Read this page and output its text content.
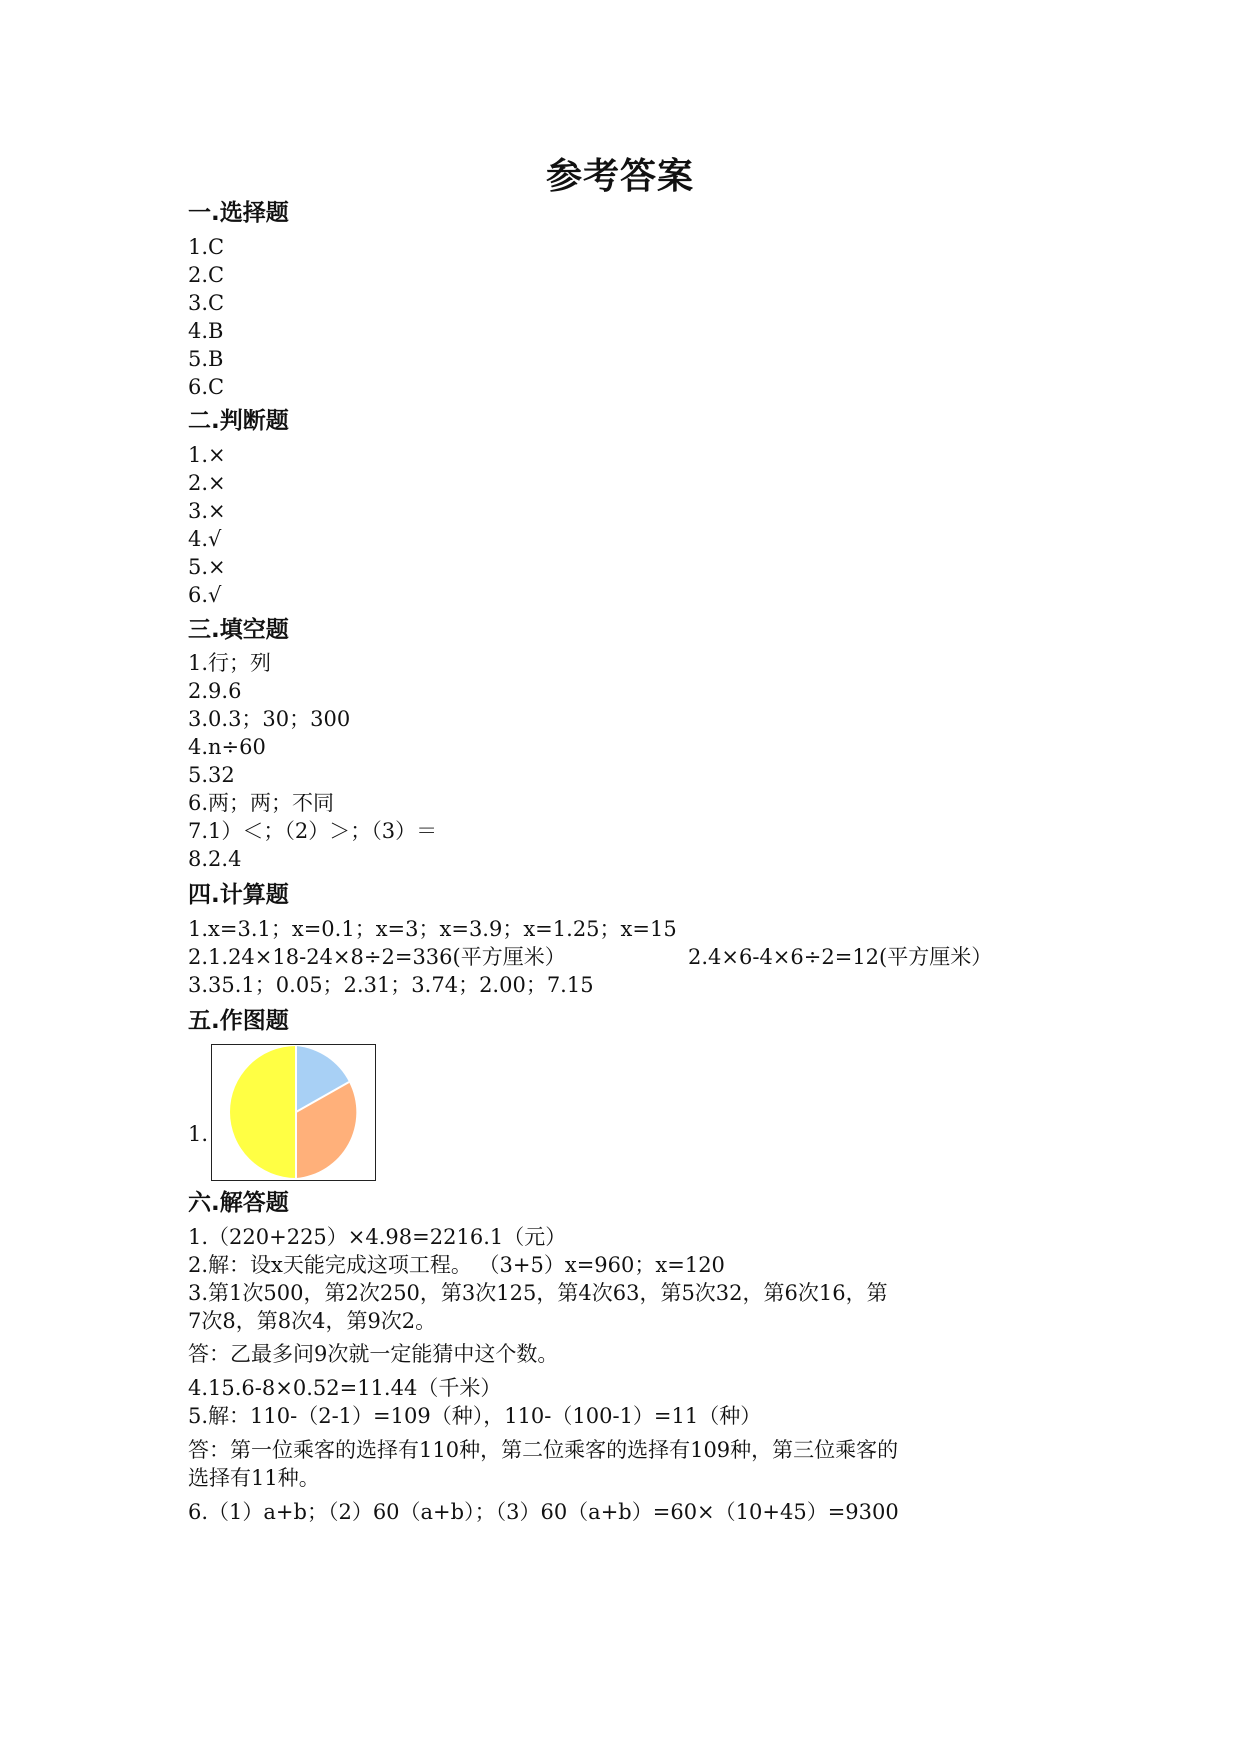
参考答案
一.选择题
1.C
2.C
3.C
4.B
5.B
6.C
二.判断题
1.×
2.×
3.×
4.√
5.×
6.√
三.填空题
1.行；列
2.9.6
3.0.3；30；300
4.n÷60
5.32
6.两；两；不同
7.1）＜；（2）＞；（3）＝
8.2.4
四.计算题
1.x=3.1；x=0.1；x=3；x=3.9；x=1.25；x=15
2.1.24×18-24×8÷2=336(平方厘米）	2.4×6-4×6÷2=12(平方厘米）
3.35.1；0.05；2.31；3.74；2.00；7.15
五.作图题
1.
六.解答题
1.（220+225）×4.98=2216.1（元）
2.解：设x天能完成这项工程。 （3+5）x=960；x=120
3.第1次500，第2次250，第3次125，第4次63，第5次32，第6次16，第
7次8，第8次4，第9次2。
答：乙最多问9次就一定能猜中这个数。
4.15.6-8×0.52=11.44（千米）
5.解：110-（2-1）=109（种），110-（100-1）=11（种）
答：第一位乘客的选择有110种，第二位乘客的选择有109种，第三位乘客的
选择有11种。
6.（1）a+b；（2）60（a+b）；（3）60（a+b）=60×（10+45）=9300
